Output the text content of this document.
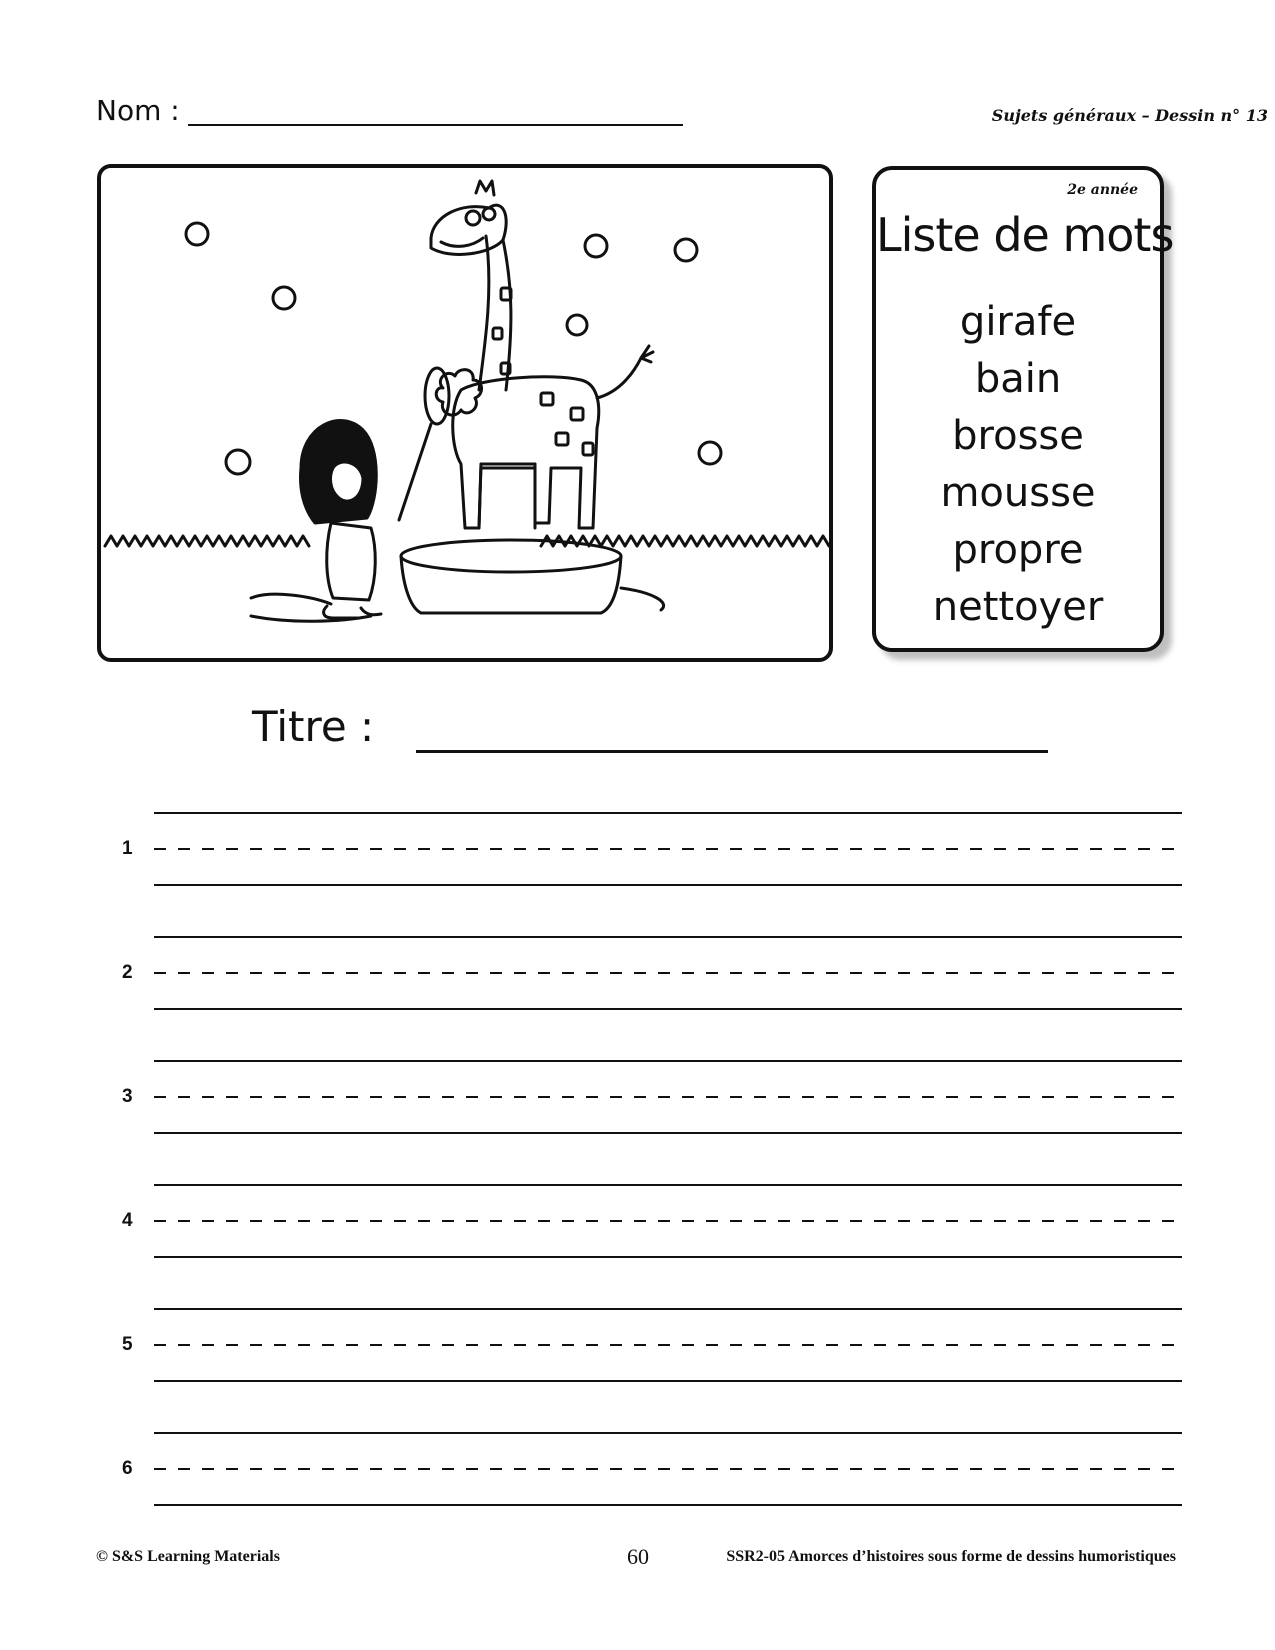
Nom :	Sujets généraux – Dessin n° 13
2e année
Liste de mots
girafe
bain
brosse
mousse
propre
nettoyer
Titre :
1
2
3
4
5
6
© S&S Learning Materials	60	SSR2-05 Amorces d’histoires sous forme de dessins humoristiques
